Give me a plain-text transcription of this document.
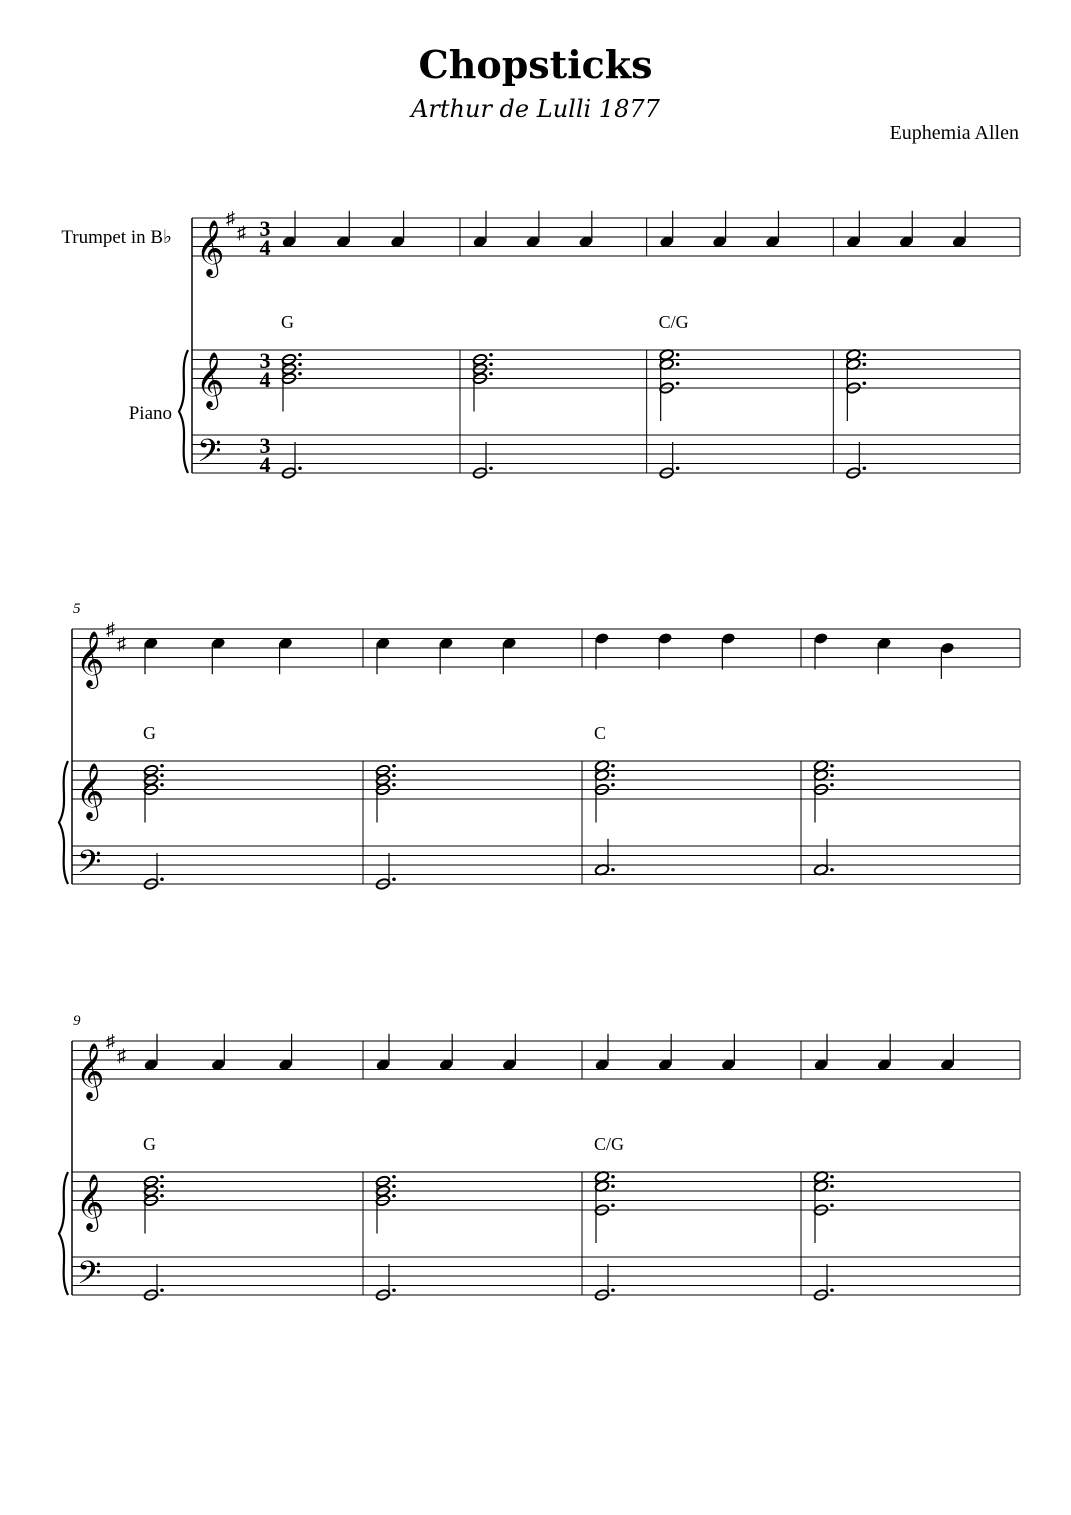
Chopsticks
Arthur de Lulli 1877
Euphemia Allen
Trumpet in B♭
Piano
𝄞
♯
♯
𝄞
𝄢
3
4
3
4
3
4
G	C/G
𝄞
♯
♯
𝄞
𝄢
5
G	C
𝄞
♯
♯
𝄞
𝄢
9
G	C/G
